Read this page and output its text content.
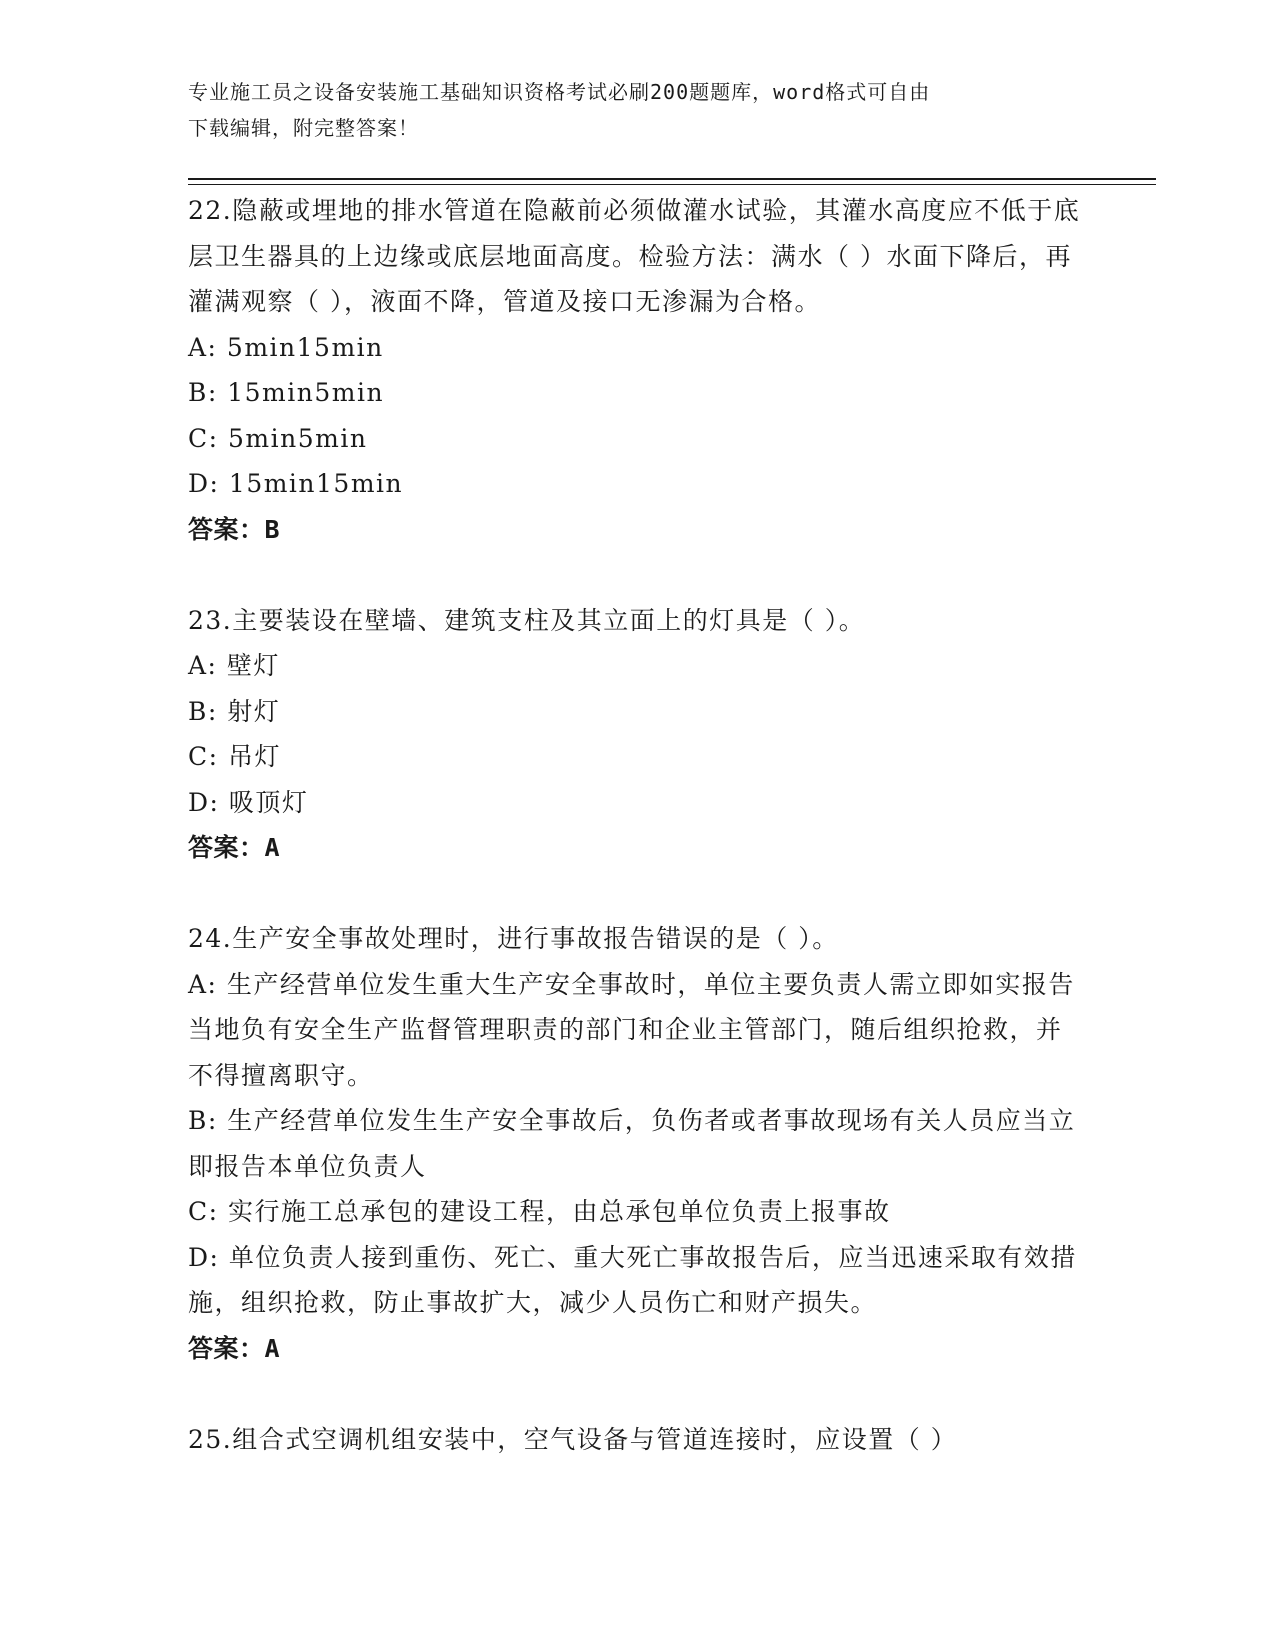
专业施工员之设备安装施工基础知识资格考试必刷200题题库，word格式可自由
下载编辑，附完整答案！

22.隐蔽或埋地的排水管道在隐蔽前必须做灌水试验，其灌水高度应不低于底层卫生器具的上边缘或底层地面高度。检验方法：满水（ ）水面下降后，再灌满观察（ ），液面不降，管道及接口无渗漏为合格。

A: 5min15min

B: 15min5min

C: 5min5min

D: 15min15min

答案：B

23.主要装设在壁墙、建筑支柱及其立面上的灯具是（ ）。

A: 壁灯

B: 射灯

C: 吊灯

D: 吸顶灯

答案：A

24.生产安全事故处理时，进行事故报告错误的是（ ）。

A: 生产经营单位发生重大生产安全事故时，单位主要负责人需立即如实报告当地负有安全生产监督管理职责的部门和企业主管部门，随后组织抢救，并不得擅离职守。

B: 生产经营单位发生生产安全事故后，负伤者或者事故现场有关人员应当立即报告本单位负责人

C: 实行施工总承包的建设工程，由总承包单位负责上报事故

D: 单位负责人接到重伤、死亡、重大死亡事故报告后，应当迅速采取有效措施，组织抢救，防止事故扩大，减少人员伤亡和财产损失。

答案：A

25.组合式空调机组安装中，空气设备与管道连接时，应设置（ ）
